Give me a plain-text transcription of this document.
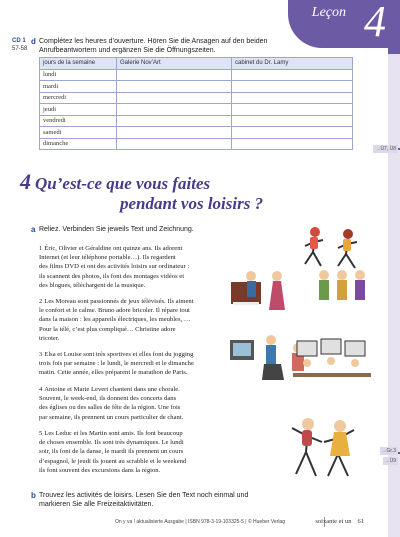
Leçon 4
CD 1
57-58
d Complétez les heures d’ouverture. Hören Sie die Ansagen auf den beiden
Anrufbeantwortern und ergänzen Sie die Öffnungszeiten.
jours de la semaine	Galerie Nov’Art	cabinet du Dr. Lamy
lundi		
mardi		
mercredi		
jeudi		
vendredi		
samedi		
dimanche		
→Ü7, Ü8
4 Qu’est-ce que vous faites
pendant vos loisirs ?
a Reliez. Verbinden Sie jeweils Text und Zeichnung.
1 Éric, Olivier et Géraldine ont quinze ans. Ils adorent
Internet (et leur téléphone portable…). Ils regardent
des films DVD et ont des activités loisirs sur ordinateur :
ils scannent des photos, ils font des montages vidéos et
des blogues, téléchargent de la musique.
2 Les Moreau sont passionnés de jeux télévisés. Ils aiment
le confort et le calme. Bruno adore bricoler. Il répare tout
dans la maison : les appareils électriques, les meubles, …
Pour la télé, c’est plus compliqué… Christine adore
tricoter.
3 Elsa et Louise sont très sportives et elles font du jogging
trois fois par semaine : le lundi, le mercredi et le dimanche
matin. Cette année, elles préparent le marathon de Paris.
4 Antoine et Marie Levert chantent dans une chorale.
Souvent, le week-end, ils donnent des concerts dans
des églises ou des salles de fête de la région. Une fois
par semaine, ils prennent un cours particulier de chant.
5 Les Leduc et les Martin sont amis. Ils font beaucoup
de choses ensemble. Ils sont très dynamiques. Le lundi
soir, ils font de la danse, le mardi ils prennent un cours
d’espagnol, le jeudi ils jouent au scrabble et le weekend
ils font souvent des excursions dans la région.
→Gr.3
→Ü9
b Trouvez les activités de loisirs. Lesen Sie den Text noch einmal und
markieren Sie alle Freizeitaktivitäten.
On y va ! aktualisierte Ausgabe | ISBN 978-3-19-103325-5 | © Hueber Verlag	soixante et un 61
